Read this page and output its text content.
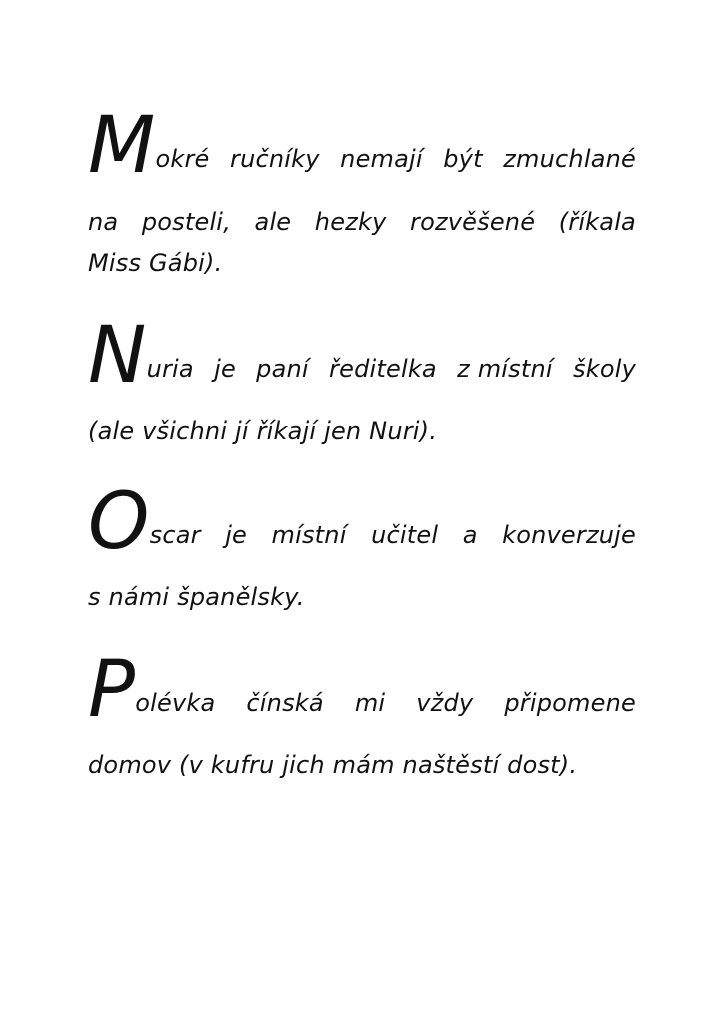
M okré ručníky nemají být zmuchlané
na posteli, ale hezky rozvěšené (říkala
Miss Gábi).
N uria je paní ředitelka z místní školy
(ale všichni jí říkají jen Nuri).
O scar je místní učitel a konverzuje
s námi španělsky.
P olévka čínská mi vždy připomene
domov (v kufru jich mám naštěstí dost).
